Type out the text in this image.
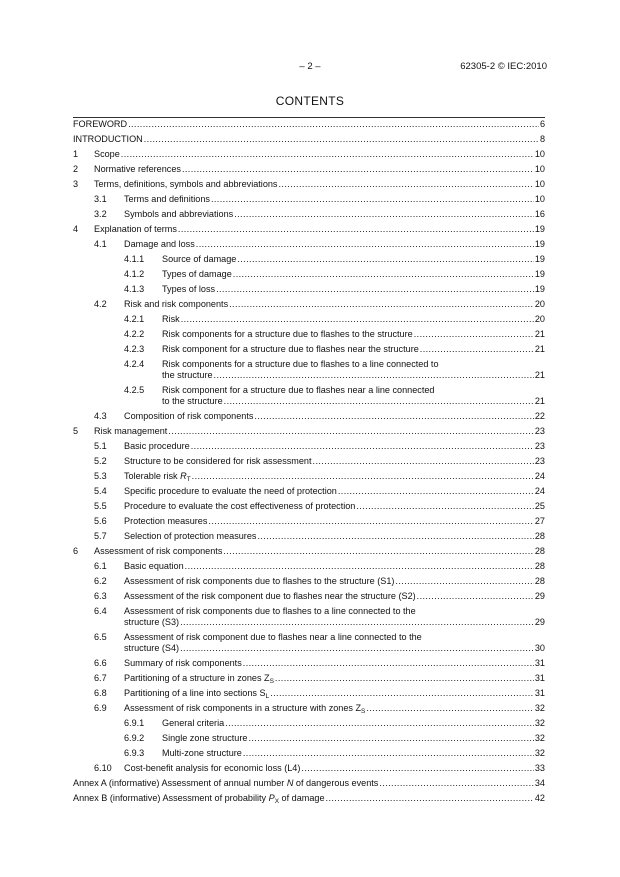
– 2 –	62305-2 © IEC:2010
CONTENTS
FOREWORD .....	6
INTRODUCTION .....	8
1 Scope .....	10
2 Normative references .....	10
3 Terms, definitions, symbols and abbreviations .....	10
3.1 Terms and definitions .....	10
3.2 Symbols and abbreviations .....	16
4 Explanation of terms .....	19
4.1 Damage and loss .....	19
4.1.1 Source of damage .....	19
4.1.2 Types of damage .....	19
4.1.3 Types of loss .....	19
4.2 Risk and risk components .....	20
4.2.1 Risk .....	20
4.2.2 Risk components for a structure due to flashes to the structure .....	21
4.2.3 Risk component for a structure due to flashes near the structure .....	21
4.2.4 Risk components for a structure due to flashes to a line connected to
the structure .....	21
4.2.5 Risk component for a structure due to flashes near a line connected
to the structure .....	21
4.3 Composition of risk components .....	22
5 Risk management .....	23
5.1 Basic procedure .....	23
5.2 Structure to be considered for risk assessment .....	23
5.3 Tolerable risk $R_T$ .....	24
5.4 Specific procedure to evaluate the need of protection .....	24
5.5 Procedure to evaluate the cost effectiveness of protection .....	25
5.6 Protection measures .....	27
5.7 Selection of protection measures .....	28
6 Assessment of risk components .....	28
6.1 Basic equation .....	28
6.2 Assessment of risk components due to flashes to the structure (S1) .....	28
6.3 Assessment of the risk component due to flashes near the structure (S2) .....	29
6.4 Assessment of risk components due to flashes to a line connected to the
structure (S3) .....	29
6.5 Assessment of risk component due to flashes near a line connected to the
structure (S4) .....	30
6.6 Summary of risk components .....	31
6.7 Partitioning of a structure in zones $Z_S$ .....	31
6.8 Partitioning of a line into sections $S_L$ .....	31
6.9 Assessment of risk components in a structure with zones $Z_S$ .....	32
6.9.1 General criteria .....	32
6.9.2 Single zone structure .....	32
6.9.3 Multi-zone structure .....	32
6.10 Cost-benefit analysis for economic loss (L4) .....	33
Annex A (informative) Assessment of annual number N of dangerous events .....	34
Annex B (informative) Assessment of probability $P_X$ of damage .....	42
